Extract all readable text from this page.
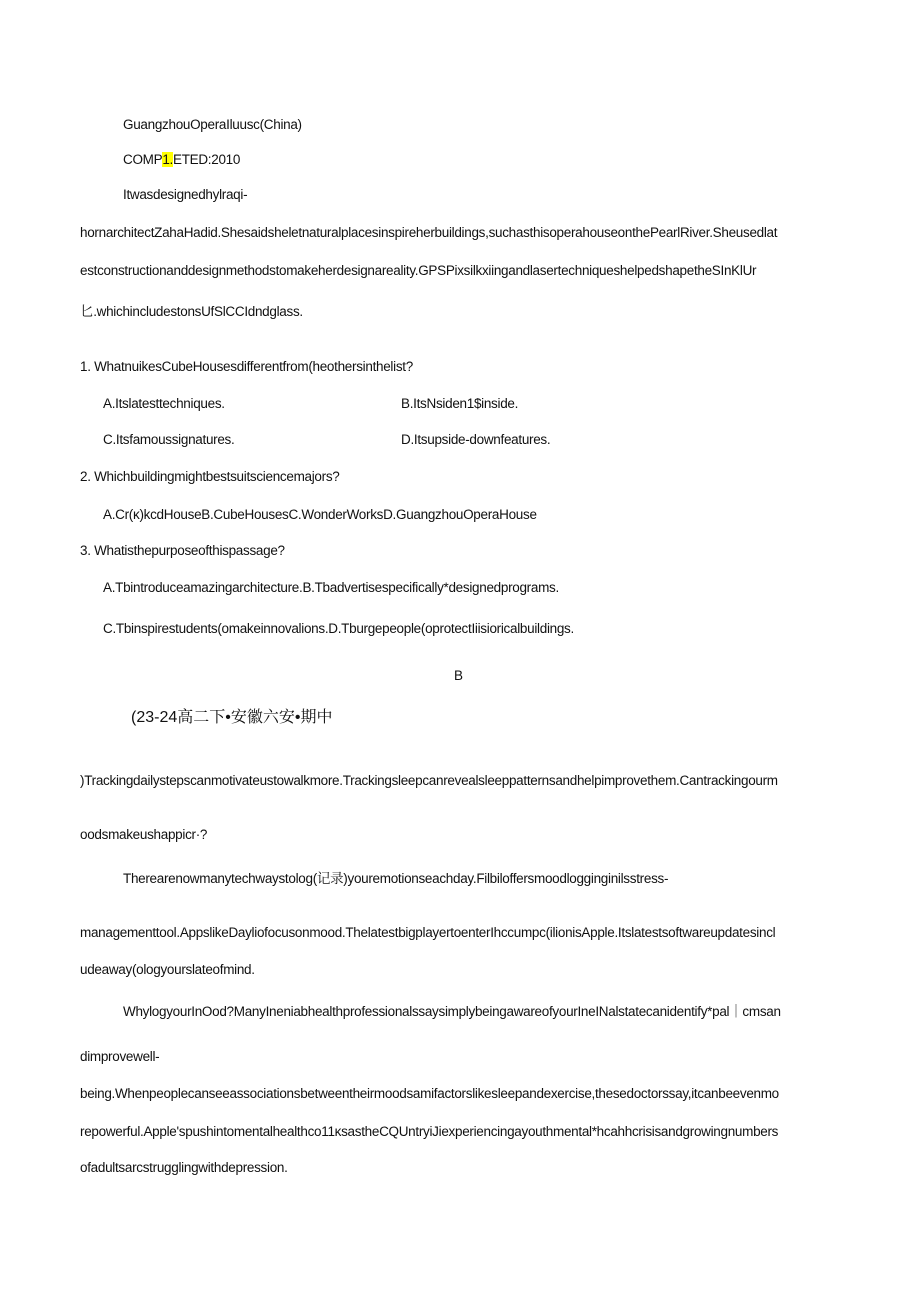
GuangzhouOperaIluusc(China)
COMP1.ETED:2010
Itwasdesignedhylraqi-
hornarchitectZahaHadid.Shesaidsheletnaturalplacesinspireherbuildings,suchasthisoperahouseonthePearlRiver.Sheusedlat
estconstructionanddesignmethodstomakeherdesignareality.GPSPixsilkxiingandlasertechniqueshelpedshapetheSInKlUr
匕.whichincludestonsUfSlCCIdndglass.
1. WhatnuikesCubeHousesdifferentfrom(heothersinthelist?
A.Itslatesttechniques.	B.ItsNsiden1$inside.
C.Itsfamoussignatures.	D.Itsupside-downfeatures.
2. Whichbuildingmightbestsuitsciencemajors?
A.Cr(κ)kcdHouseB.CubeHousesC.WonderWorksD.GuangzhouOperaHouse
3. Whatisthepurposeofthispassage?
A.Tbintroduceamazingarchitecture.B.Tbadvertisespecifically*designedprograms.
C.Tbinspirestudents(omakeinnovalions.D.Tburgepeople(oprotectIiisioricalbuildings.
B
(23-24高二下•安徽六安•期中
)Trackingdailystepscanmotivateustowalkmore.Trackingsleepcanrevealsleeppatternsandhelpimprovethem.Cantrackingourm
oodsmakeushappicr·?
Therearenowmanytechwaystolog(记录)youremotionseachday.Filbiloffersmoodlogginginilsstress-
managementtool.AppslikeDayliofocusonmood.ThelatestbigplayertoenterIhccumpc(ilionisApple.Itslatestsoftwareupdatesincl
udeaway(ologyourslateofmind.
WhylogyourInOod?ManyIneniabhealthprofessionalssaysimplybeingawareofyourIneINalstatecanidentify*pal｜cmsan
dimprovewell-
being.Whenpeoplecanseeassociationsbetweentheirmoodsamifactorslikesleepandexercise,thesedoctorssay,itcanbeevenmo
repowerful.Apple'spushintomentalhealthco11κsastheCQUntryiJiexperiencingayouthmental*hcahhcrisisandgrowingnumbers
ofadultsarcstrugglingwithdepression.
